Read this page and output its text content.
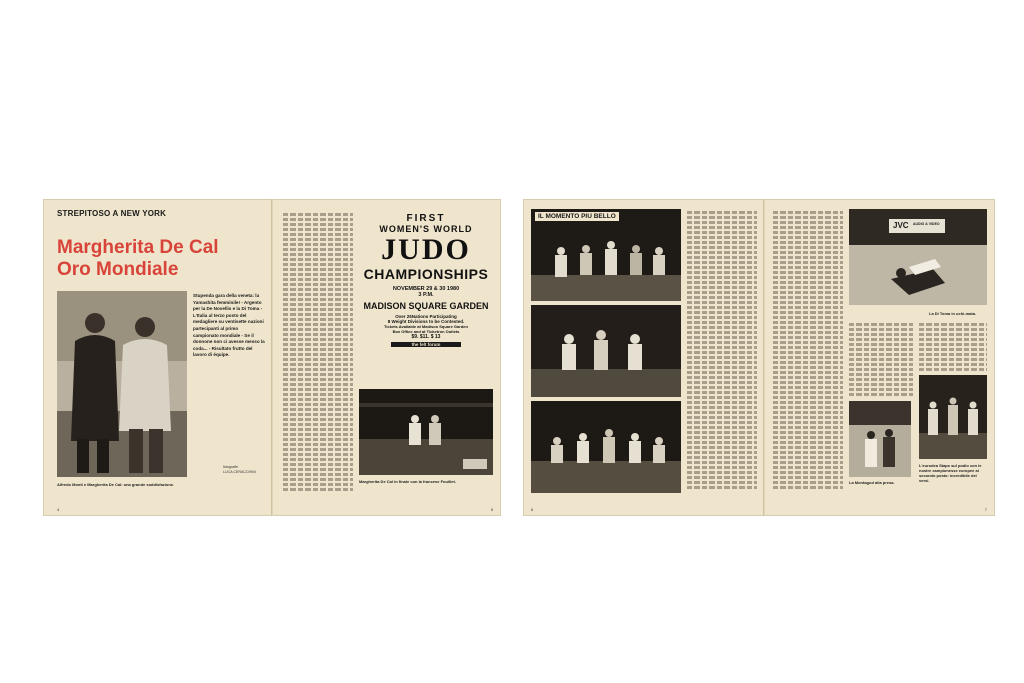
STREPITOSO A NEW YORK
Margherita De Cal
Oro Mondiale
Stupenda gara della veneta: la Yamashita femminile! - Argento per la De Novellis e la Di Toma - L'Italia al terzo posto del medagliere su ventisette nazioni partecipanti al primo campionato mondiale - Se il donnone non ci avesse messo la coda... - Risultato frutto del lavoro di équipe.
Alfredo Monti e Margherita De Cal: una grande soddisfazione.
fotografie
LUCA CERACCHINI
4
FIRST
WOMEN'S WORLD
JUDO
CHAMPIONSHIPS
NOVEMBER 29 & 30 1980
3 P.M.
MADISON SQUARE GARDEN
Over 25Nations Participating
8 Weight Divisions to be Contested.
Tickets Available at Madison Square Garden
Box Office and at Ticketron Outlets
$9. $11. $ 13
the felt forum
Margherita De Cal in finale con la francese Fouillet.
5
IL MOMENTO PIU BELLO
6
JVC AUDIO & VIDEO
La Di Toma in uchi-mata.
La Montagud alla presa.
L'eurodea Staps sul podio con le nostre campionesse europee al secondo posto: incredibile dei versi.
7
